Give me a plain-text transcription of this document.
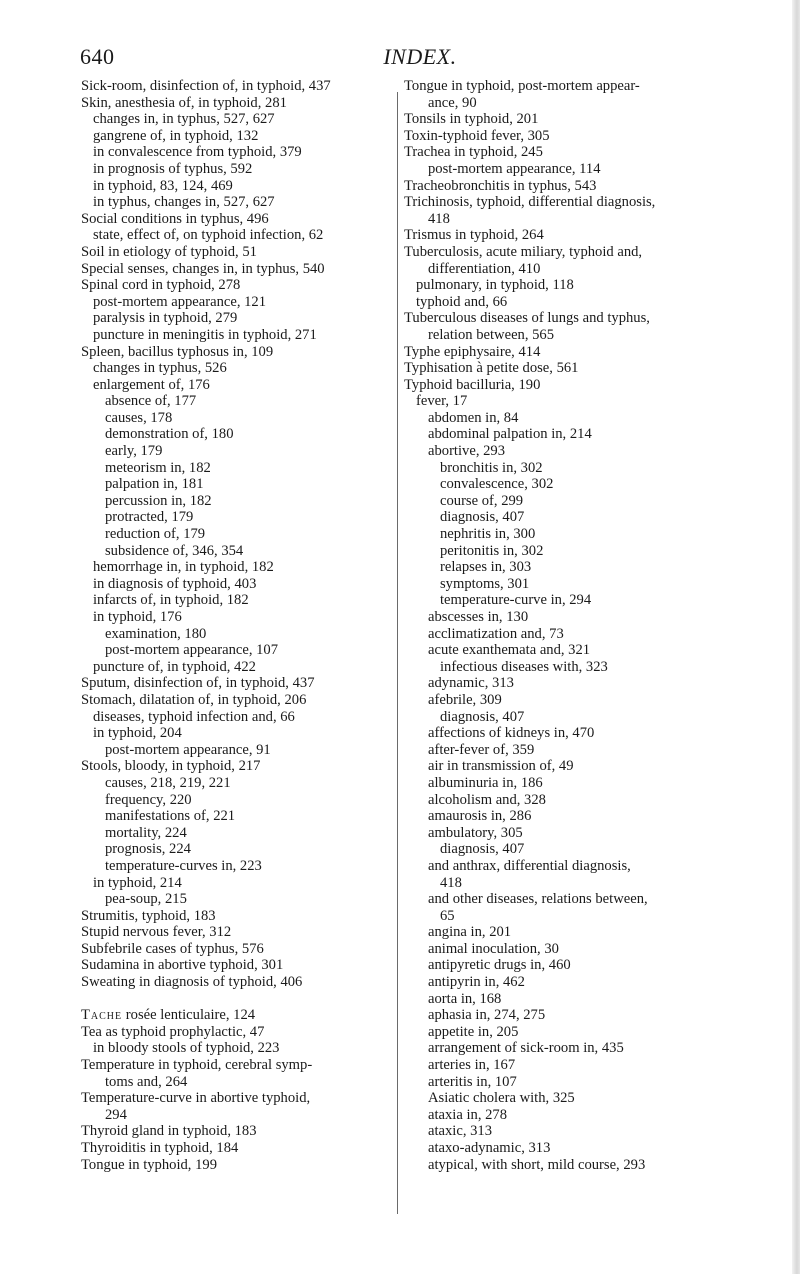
640	INDEX.
Sick-room, disinfection of, in typhoid, 437
Skin, anesthesia of, in typhoid, 281
changes in, in typhus, 527, 627
gangrene of, in typhoid, 132
in convalescence from typhoid, 379
in prognosis of typhus, 592
in typhoid, 83, 124, 469
in typhus, changes in, 527, 627
Social conditions in typhus, 496
state, effect of, on typhoid infection, 62
Soil in etiology of typhoid, 51
Special senses, changes in, in typhus, 540
Spinal cord in typhoid, 278
post-mortem appearance, 121
paralysis in typhoid, 279
puncture in meningitis in typhoid, 271
Spleen, bacillus typhosus in, 109
changes in typhus, 526
enlargement of, 176
absence of, 177
causes, 178
demonstration of, 180
early, 179
meteorism in, 182
palpation in, 181
percussion in, 182
protracted, 179
reduction of, 179
subsidence of, 346, 354
hemorrhage in, in typhoid, 182
in diagnosis of typhoid, 403
infarcts of, in typhoid, 182
in typhoid, 176
examination, 180
post-mortem appearance, 107
puncture of, in typhoid, 422
Sputum, disinfection of, in typhoid, 437
Stomach, dilatation of, in typhoid, 206
diseases, typhoid infection and, 66
in typhoid, 204
post-mortem appearance, 91
Stools, bloody, in typhoid, 217
causes, 218, 219, 221
frequency, 220
manifestations of, 221
mortality, 224
prognosis, 224
temperature-curves in, 223
in typhoid, 214
pea-soup, 215
Strumitis, typhoid, 183
Stupid nervous fever, 312
Subfebrile cases of typhus, 576
Sudamina in abortive typhoid, 301
Sweating in diagnosis of typhoid, 406
Tache rosée lenticulaire, 124
Tea as typhoid prophylactic, 47
in bloody stools of typhoid, 223
Temperature in typhoid, cerebral symp-
toms and, 264
Temperature-curve in abortive typhoid,
294
Thyroid gland in typhoid, 183
Thyroiditis in typhoid, 184
Tongue in typhoid, 199
Tongue in typhoid, post-mortem appear-
ance, 90
Tonsils in typhoid, 201
Toxin-typhoid fever, 305
Trachea in typhoid, 245
post-mortem appearance, 114
Tracheobronchitis in typhus, 543
Trichinosis, typhoid, differential diagnosis,
418
Trismus in typhoid, 264
Tuberculosis, acute miliary, typhoid and,
differentiation, 410
pulmonary, in typhoid, 118
typhoid and, 66
Tuberculous diseases of lungs and typhus,
relation between, 565
Typhe epiphysaire, 414
Typhisation à petite dose, 561
Typhoid bacilluria, 190
fever, 17
abdomen in, 84
abdominal palpation in, 214
abortive, 293
bronchitis in, 302
convalescence, 302
course of, 299
diagnosis, 407
nephritis in, 300
peritonitis in, 302
relapses in, 303
symptoms, 301
temperature-curve in, 294
abscesses in, 130
acclimatization and, 73
acute exanthemata and, 321
infectious diseases with, 323
adynamic, 313
afebrile, 309
diagnosis, 407
affections of kidneys in, 470
after-fever of, 359
air in transmission of, 49
albuminuria in, 186
alcoholism and, 328
amaurosis in, 286
ambulatory, 305
diagnosis, 407
and anthrax, differential diagnosis,
418
and other diseases, relations between,
65
angina in, 201
animal inoculation, 30
antipyretic drugs in, 460
antipyrin in, 462
aorta in, 168
aphasia in, 274, 275
appetite in, 205
arrangement of sick-room in, 435
arteries in, 167
arteritis in, 107
Asiatic cholera with, 325
ataxia in, 278
ataxic, 313
ataxo-adynamic, 313
atypical, with short, mild course, 293
